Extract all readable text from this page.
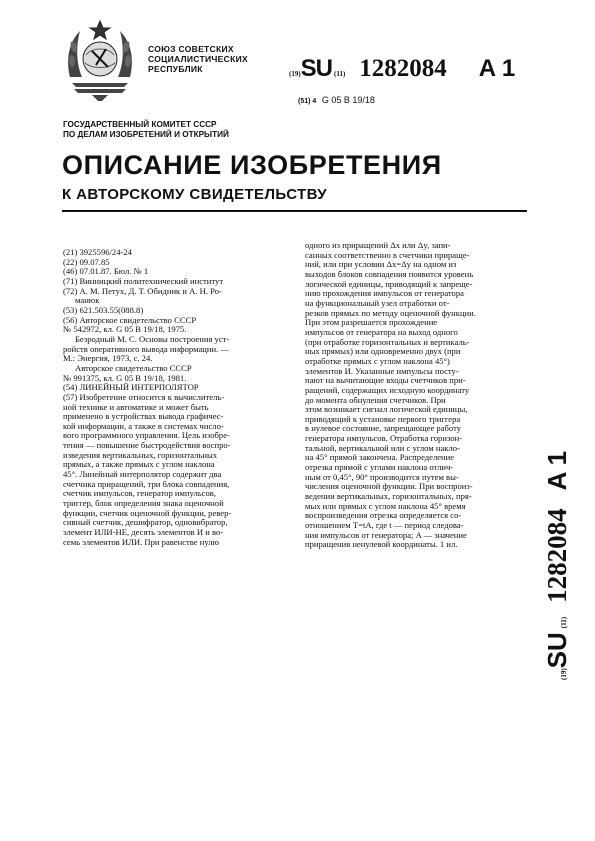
СОЮЗ СОВЕТСКИХ
СОЦИАЛИСТИЧЕСКИХ
РЕСПУБЛИК	(19)SU (11) 1282084 A 1
(51) 4 G 05 B 19/18
ГОСУДАРСТВЕННЫЙ КОМИТЕТ СССР
ПО ДЕЛАМ ИЗОБРЕТЕНИЙ И ОТКРЫТИЙ
ОПИСАНИЕ ИЗОБРЕТЕНИЯ
К АВТОРСКОМУ СВИДЕТЕЛЬСТВУ

(21) 3925596/24-24

(22) 09.07.85

(46) 07.01.87. Бюл. № 1

(71) Винницкий политехнический институт

(72) А. М. Петух, Д. Т. Обидник и А. Н. Ро-

манюк

(53) 621.503.55(088.8)

(56) Авторское свидетельство СССР

№ 542972, кл. G 05 B 19/18, 1975.

Безродный М. С. Основы построения уст-

ройств оперативного вывода информации. —

М.: Энергия, 1973, с. 24.

Авторское свидетельство СССР

№ 991375, кл. G 05 B 19/18, 1981.

(54) ЛИНЕЙНЫЙ ИНТЕРПОЛЯТОР

(57) Изобретение относится к вычислитель-

ной технике и автоматике и может быть

применено в устройствах вывода графичес-

кой информации, а также в системах число-

вого программного управления. Цель изобре-

тения — повышение быстродействия воспро-

изведения вертикальных, горизонтальных

прямых, а также прямых с углом наклона

45°. Линейный интерполятор содержит два

счетчика приращений, три блока совпадения,

счетчик импульсов, генератор импульсов,

триггер, блок определения знака оценочной

функции, счетчик оценочной функции, ревер-

сивный счетчик, дешифратор, одновибратор,

элемент ИЛИ-НЕ, десять элементов И и во-

семь элементов ИЛИ. При равенстве нулю

одного из приращений Δx или Δy, запи-

санных соответственно в счетчики прираще-

ний, или при условии Δx=Δy на одном из

выходов блоков совпадения появится уровень

логической единицы, приводящий к запреще-

нию прохождения импульсов от генератора

на функциональный узел отработки от-

резков прямых по методу оценочной функции.

При этом разрешается прохождение

импульсов от генератора на выход одного

(при отработке горизонтальных и вертикаль-

ных прямых) или одновременно двух (при

отработке прямых с углом наклона 45°)

элементов И. Указанные импульсы посту-

пают на вычитающие входы счетчиков при-

ращений, содержащих исходную координату

до момента обнуления счетчиков. При

этом возникает сигнал логической единицы,

приводящий к установке первого триггера

в нулевое состояние, запрещающее работу

генератора импульсов. Отработка горизон-

тальной, вертикальной или с углом накло-

на 45° прямой закончена. Распределение

отрезка прямой с углами наклона отлич-

ным от 0,45°, 90° производится путем вы-

числения оценочной функции. При воспроиз-

ведении вертикальных, горизонтальных, пря-

мых или прямых с углом наклона 45° время

воспроизведения отрезка определяется со-

отношением T=tA, где t — период следова-

ния импульсов от генератора; A — значение

приращения ненулевой координаты. 1 ил.

(19)SU(11) 1282084 A 1
